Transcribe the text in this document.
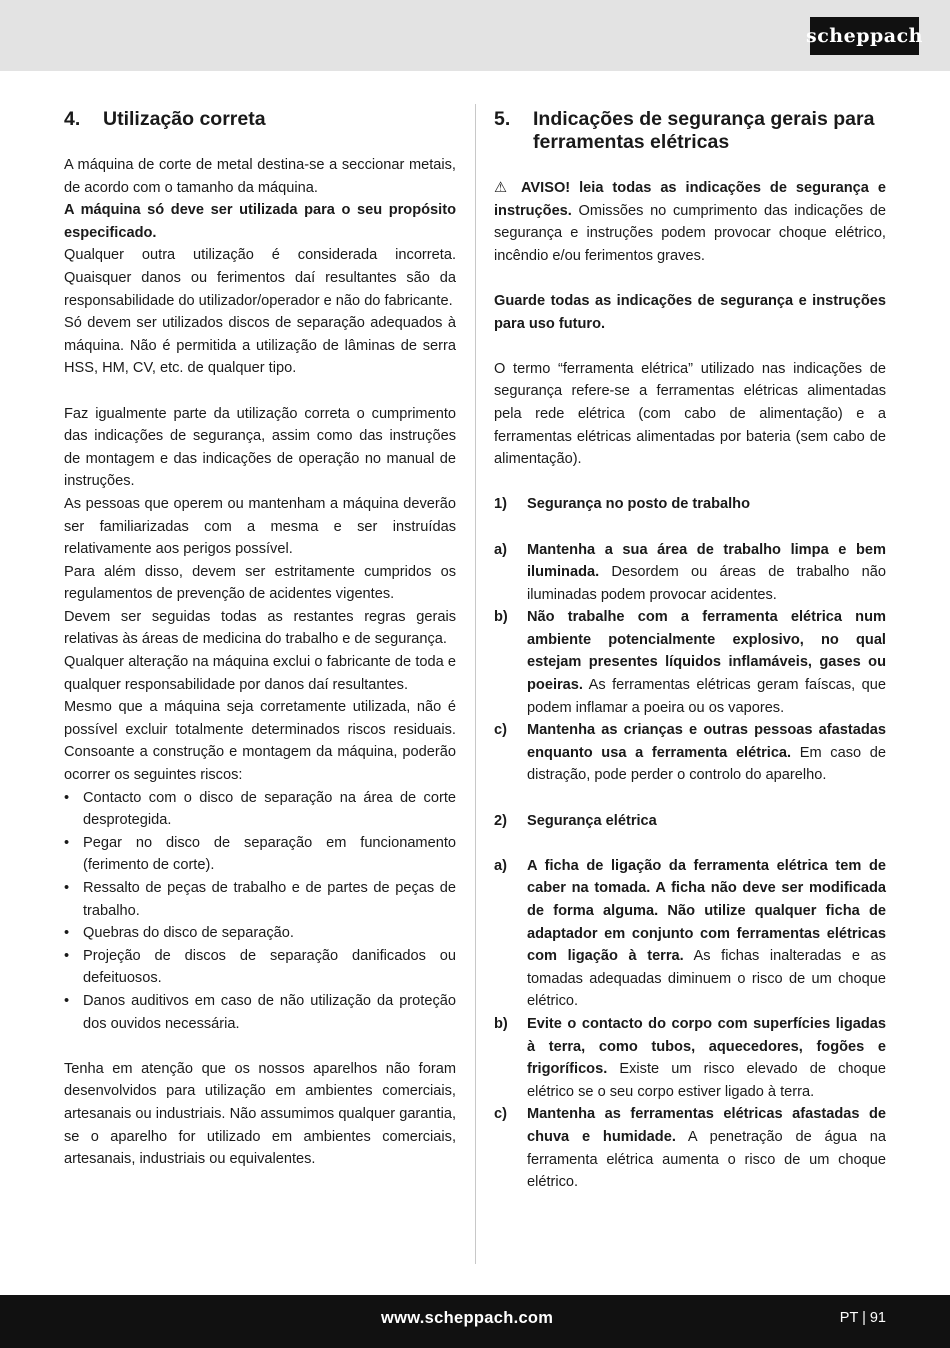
scheppach
4.	Utilização correta

A máquina de corte de metal destina-se a seccionar metais, de acordo com o tamanho da máquina.

A máquina só deve ser utilizada para o seu propósito especificado.

Qualquer outra utilização é considerada incorreta. Quaisquer danos ou ferimentos daí resultantes são da responsabilidade do utilizador/operador e não do fabricante.

Só devem ser utilizados discos de separação adequados à máquina. Não é permitida a utilização de lâminas de serra HSS, HM, CV, etc. de qualquer tipo.

Faz igualmente parte da utilização correta o cumprimento das indicações de segurança, assim como das instruções de montagem e das indicações de operação no manual de instruções.

As pessoas que operem ou mantenham a máquina deverão ser familiarizadas com a mesma e ser instruídas relativamente aos perigos possível.

Para além disso, devem ser estritamente cumpridos os regulamentos de prevenção de acidentes vigentes.

Devem ser seguidas todas as restantes regras gerais relativas às áreas de medicina do trabalho e de segurança.

Qualquer alteração na máquina exclui o fabricante de toda e qualquer responsabilidade por danos daí resultantes.

Mesmo que a máquina seja corretamente utilizada, não é possível excluir totalmente determinados riscos residuais. Consoante a construção e montagem da máquina, poderão ocorrer os seguintes riscos:

• Contacto com o disco de separação na área de corte desprotegida.
• Pegar no disco de separação em funcionamento (ferimento de corte).
• Ressalto de peças de trabalho e de partes de peças de trabalho.
• Quebras do disco de separação.
• Projeção de discos de separação danificados ou defeituosos.
• Danos auditivos em caso de não utilização da proteção dos ouvidos necessária.

Tenha em atenção que os nossos aparelhos não foram desenvolvidos para utilização em ambientes comerciais, artesanais ou industriais. Não assumimos qualquer garantia, se o aparelho for utilizado em ambientes comerciais, artesanais, industriais ou equivalentes.

5.	Indicações de segurança gerais para ferramentas elétricas

⚠ AVISO! leia todas as indicações de segurança e instruções. Omissões no cumprimento das indicações de segurança e instruções podem provocar choque elétrico, incêndio e/ou ferimentos graves.

Guarde todas as indicações de segurança e instruções para uso futuro.

O termo “ferramenta elétrica” utilizado nas indicações de segurança refere-se a ferramentas elétricas alimentadas pela rede elétrica (com cabo de alimentação) e a ferramentas elétricas alimentadas por bateria (sem cabo de alimentação).

1)	Segurança no posto de trabalho
a)	Mantenha a sua área de trabalho limpa e bem iluminada. Desordem ou áreas de trabalho não iluminadas podem provocar acidentes.
b)	Não trabalhe com a ferramenta elétrica num ambiente potencialmente explosivo, no qual estejam presentes líquidos inflamáveis, gases ou poeiras. As ferramentas elétricas geram faíscas, que podem inflamar a poeira ou os vapores.
c)	Mantenha as crianças e outras pessoas afastadas enquanto usa a ferramenta elétrica. Em caso de distração, pode perder o controlo do aparelho.
2)	Segurança elétrica
a)	A ficha de ligação da ferramenta elétrica tem de caber na tomada. A ficha não deve ser modificada de forma alguma. Não utilize qualquer ficha de adaptador em conjunto com ferramentas elétricas com ligação à terra. As fichas inalteradas e as tomadas adequadas diminuem o risco de um choque elétrico.
b)	Evite o contacto do corpo com superfícies ligadas à terra, como tubos, aquecedores, fogões e frigoríficos. Existe um risco elevado de choque elétrico se o seu corpo estiver ligado à terra.
c)	Mantenha as ferramentas elétricas afastadas de chuva e humidade. A penetração de água na ferramenta elétrica aumenta o risco de um choque elétrico.
www.scheppach.com	PT | 91
